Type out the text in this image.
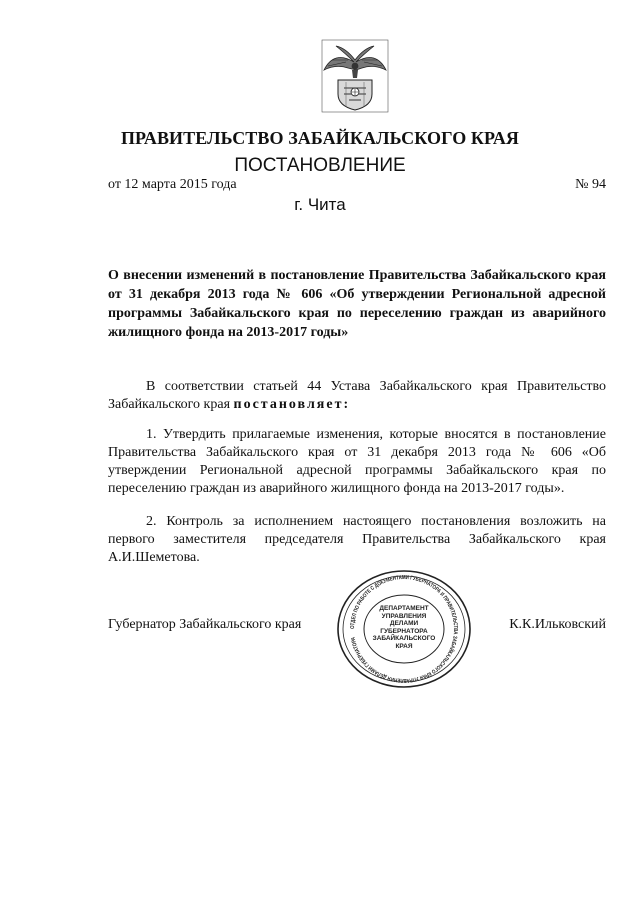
ПРАВИТЕЛЬСТВО ЗАБАЙКАЛЬСКОГО КРАЯ
ПОСТАНОВЛЕНИЕ
от 12 марта 2015 года	№ 94
г. Чита
О внесении изменений в постановление Правительства Забайкальского края от 31 декабря 2013 года № 606 «Об утверждении Региональной адресной программы Забайкальского края по переселению граждан из аварийного жилищного фонда на 2013-2017 годы»
В соответствии статьей 44 Устава Забайкальского края Правительство Забайкальского края постановляет:
1. Утвердить прилагаемые изменения, которые вносятся в постановление Правительства Забайкальского края от 31 декабря 2013 года № 606 «Об утверждении Региональной адресной программы Забайкальского края по переселению граждан из аварийного жилищного фонда на 2013-2017 годы».
2. Контроль за исполнением настоящего постановления возложить на первого заместителя председателя Правительства Забайкальского края А.И.Шеметова.
Губернатор Забайкальского края	К.К.Ильковский
ОТДЕЛ ПО РАБОТЕ С ДОКУМЕНТАМИ ГУБЕРНАТОРА И ПРАВИТЕЛЬСТВА ЗАБАЙКАЛЬСКОГО КРАЯ УПРАВЛЕНИЯ ДЕЛАМИ ГУБЕРНАТОРА
ДЕПАРТАМЕНТ УПРАВЛЕНИЯ ДЕЛАМИ ГУБЕРНАТОРА ЗАБАЙКАЛЬСКОГО КРАЯ
